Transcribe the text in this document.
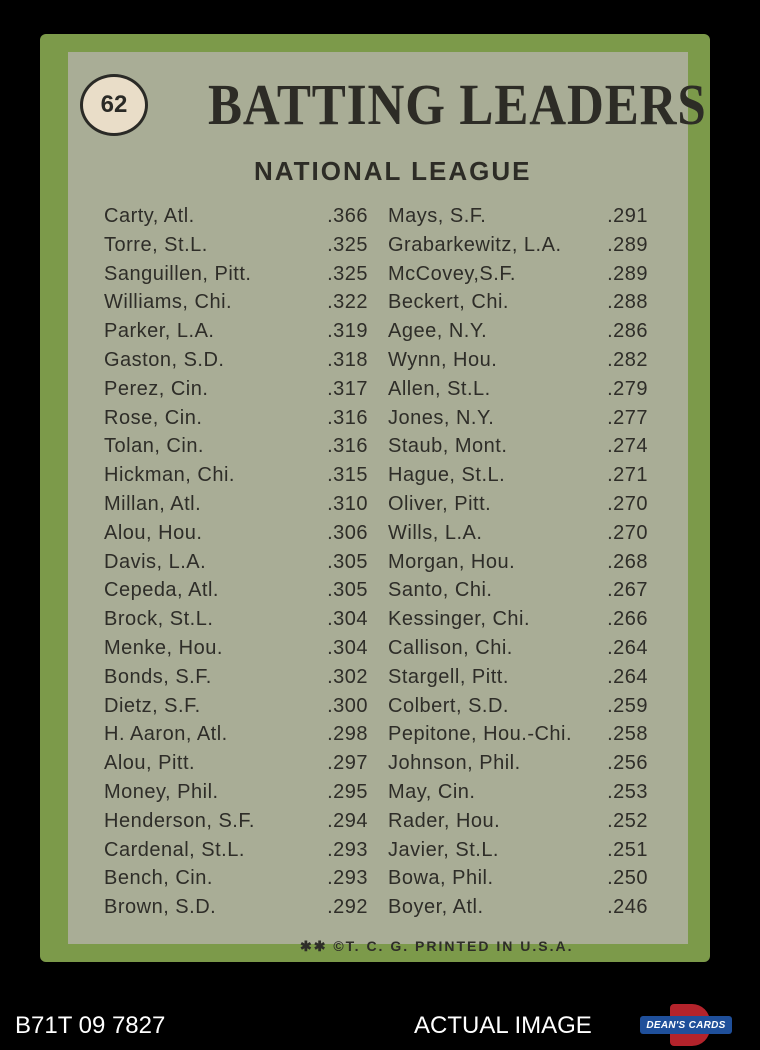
62	BATTING LEADERS
NATIONAL LEAGUE
Carty, Atl.	.366
Torre, St.L.	.325
Sanguillen, Pitt.	.325
Williams, Chi.	.322
Parker, L.A.	.319
Gaston, S.D.	.318
Perez, Cin.	.317
Rose, Cin.	.316
Tolan, Cin.	.316
Hickman, Chi.	.315
Millan, Atl.	.310
Alou, Hou.	.306
Davis, L.A.	.305
Cepeda, Atl.	.305
Brock, St.L.	.304
Menke, Hou.	.304
Bonds, S.F.	.302
Dietz, S.F.	.300
H. Aaron, Atl.	.298
Alou, Pitt.	.297
Money, Phil.	.295
Henderson, S.F.	.294
Cardenal, St.L.	.293
Bench, Cin.	.293
Brown, S.D.	.292
Mays, S.F.	.291
Grabarkewitz, L.A. .289
McCovey,S.F.	.289
Beckert, Chi.	.288
Agee, N.Y.	.286
Wynn, Hou.	.282
Allen, St.L.	.279
Jones, N.Y.	.277
Staub, Mont.	.274
Hague, St.L.	.271
Oliver, Pitt.	.270
Wills, L.A.	.270
Morgan, Hou.	.268
Santo, Chi.	.267
Kessinger, Chi.	.266
Callison, Chi.	.264
Stargell, Pitt.	.264
Colbert, S.D.	.259
Pepitone, Hou.-Chi. .258
Johnson, Phil.	.256
May, Cin.	.253
Rader, Hou.	.252
Javier, St.L.	.251
Bowa, Phil.	.250
Boyer, Atl.	.246
✱✱ ©T. C. G. PRINTED IN U.S.A.
B71T 09 7827	ACTUAL IMAGE	DEAN'S CARDS
